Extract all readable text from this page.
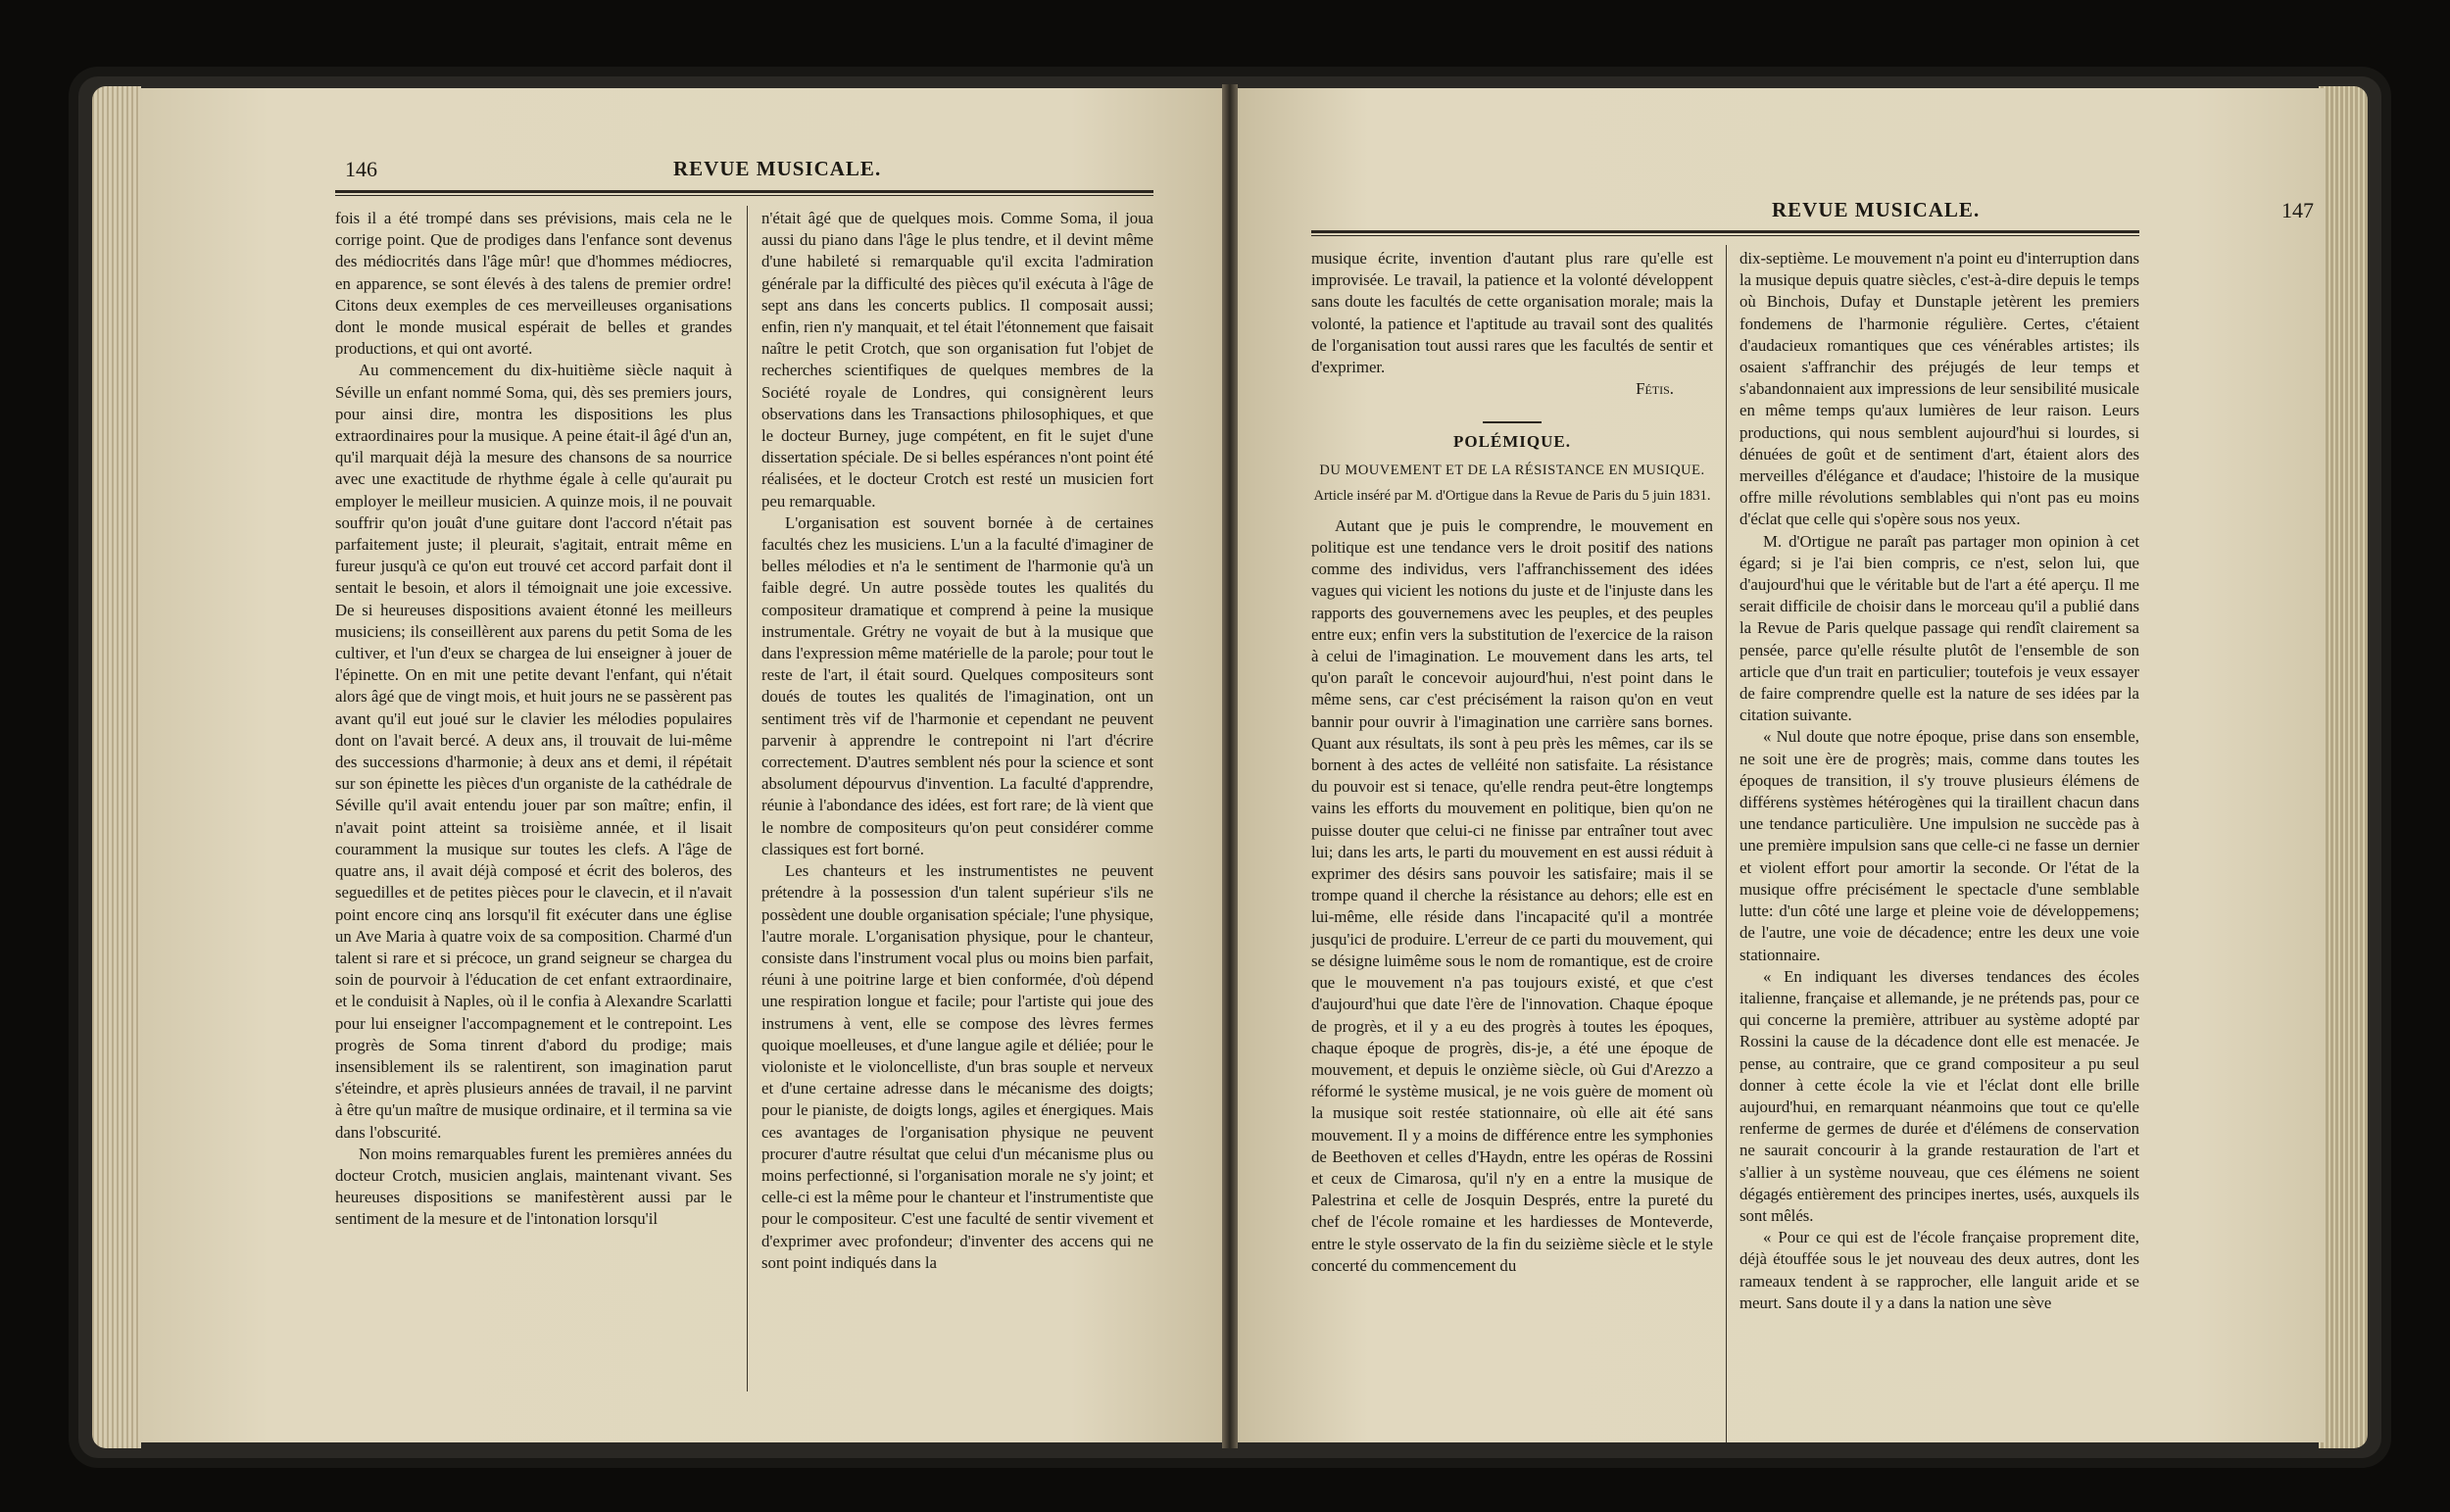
146	REVUE MUSICALE.

fois il a été trompé dans ses prévisions, mais cela ne le corrige point. Que de prodiges dans l'enfance sont devenus des médiocrités dans l'âge mûr! que d'hommes médiocres, en apparence, se sont élevés à des talens de premier ordre! Citons deux exemples de ces merveilleuses organisations dont le monde musical espérait de belles et grandes productions, et qui ont avorté.

Au commencement du dix-huitième siècle naquit à Séville un enfant nommé Soma, qui, dès ses premiers jours, pour ainsi dire, montra les dispositions les plus extraordinaires pour la musique. A peine était-il âgé d'un an, qu'il marquait déjà la mesure des chansons de sa nourrice avec une exactitude de rhythme égale à celle qu'aurait pu employer le meilleur musicien. A quinze mois, il ne pouvait souffrir qu'on jouât d'une guitare dont l'accord n'était pas parfaitement juste; il pleurait, s'agitait, entrait même en fureur jusqu'à ce qu'on eut trouvé cet accord parfait dont il sentait le besoin, et alors il témoignait une joie excessive. De si heureuses dispositions avaient étonné les meilleurs musiciens; ils conseillèrent aux parens du petit Soma de les cultiver, et l'un d'eux se chargea de lui enseigner à jouer de l'épinette. On en mit une petite devant l'enfant, qui n'était alors âgé que de vingt mois, et huit jours ne se passèrent pas avant qu'il eut joué sur le clavier les mélodies populaires dont on l'avait bercé. A deux ans, il trouvait de lui-même des successions d'harmonie; à deux ans et demi, il répétait sur son épinette les pièces d'un organiste de la cathédrale de Séville qu'il avait entendu jouer par son maître; enfin, il n'avait point atteint sa troisième année, et il lisait couramment la musique sur toutes les clefs. A l'âge de quatre ans, il avait déjà composé et écrit des boleros, des seguedilles et de petites pièces pour le clavecin, et il n'avait point encore cinq ans lorsqu'il fit exécuter dans une église un Ave Maria à quatre voix de sa composition. Charmé d'un talent si rare et si précoce, un grand seigneur se chargea du soin de pourvoir à l'éducation de cet enfant extraordinaire, et le conduisit à Naples, où il le confia à Alexandre Scarlatti pour lui enseigner l'accompagnement et le contrepoint. Les progrès de Soma tinrent d'abord du prodige; mais insensiblement ils se ralentirent, son imagination parut s'éteindre, et après plusieurs années de travail, il ne parvint à être qu'un maître de musique ordinaire, et il termina sa vie dans l'obscurité.

Non moins remarquables furent les premières années du docteur Crotch, musicien anglais, maintenant vivant. Ses heureuses dispositions se manifestèrent aussi par le sentiment de la mesure et de l'intonation lorsqu'il

n'était âgé que de quelques mois. Comme Soma, il joua aussi du piano dans l'âge le plus tendre, et il devint même d'une habileté si remarquable qu'il excita l'admiration générale par la difficulté des pièces qu'il exécuta à l'âge de sept ans dans les concerts publics. Il composait aussi; enfin, rien n'y manquait, et tel était l'étonnement que faisait naître le petit Crotch, que son organisation fut l'objet de recherches scientifiques de quelques membres de la Société royale de Londres, qui consignèrent leurs observations dans les Transactions philosophiques, et que le docteur Burney, juge compétent, en fit le sujet d'une dissertation spéciale. De si belles espérances n'ont point été réalisées, et le docteur Crotch est resté un musicien fort peu remarquable.

L'organisation est souvent bornée à de certaines facultés chez les musiciens. L'un a la faculté d'imaginer de belles mélodies et n'a le sentiment de l'harmonie qu'à un faible degré. Un autre possède toutes les qualités du compositeur dramatique et comprend à peine la musique instrumentale. Grétry ne voyait de but à la musique que dans l'expression même matérielle de la parole; pour tout le reste de l'art, il était sourd. Quelques compositeurs sont doués de toutes les qualités de l'imagination, ont un sentiment très vif de l'harmonie et cependant ne peuvent parvenir à apprendre le contrepoint ni l'art d'écrire correctement. D'autres semblent nés pour la science et sont absolument dépourvus d'invention. La faculté d'apprendre, réunie à l'abondance des idées, est fort rare; de là vient que le nombre de compositeurs qu'on peut considérer comme classiques est fort borné.

Les chanteurs et les instrumentistes ne peuvent prétendre à la possession d'un talent supérieur s'ils ne possèdent une double organisation spéciale; l'une physique, l'autre morale. L'organisation physique, pour le chanteur, consiste dans l'instrument vocal plus ou moins bien parfait, réuni à une poitrine large et bien conformée, d'où dépend une respiration longue et facile; pour l'artiste qui joue des instrumens à vent, elle se compose des lèvres fermes quoique moelleuses, et d'une langue agile et déliée; pour le violoniste et le violoncelliste, d'un bras souple et nerveux et d'une certaine adresse dans le mécanisme des doigts; pour le pianiste, de doigts longs, agiles et énergiques. Mais ces avantages de l'organisation physique ne peuvent procurer d'autre résultat que celui d'un mécanisme plus ou moins perfectionné, si l'organisation morale ne s'y joint; et celle-ci est la même pour le chanteur et l'instrumentiste que pour le compositeur. C'est une faculté de sentir vivement et d'exprimer avec profondeur; d'inventer des accens qui ne sont point indiqués dans la

REVUE MUSICALE.	147

musique écrite, invention d'autant plus rare qu'elle est improvisée. Le travail, la patience et la volonté développent sans doute les facultés de cette organisation morale; mais la volonté, la patience et l'aptitude au travail sont des qualités de l'organisation tout aussi rares que les facultés de sentir et d'exprimer.

Fétis.

POLÉMIQUE.

DU MOUVEMENT ET DE LA RÉSISTANCE EN MUSIQUE.

Article inséré par M. d'Ortigue dans la Revue de Paris du 5 juin 1831.

Autant que je puis le comprendre, le mouvement en politique est une tendance vers le droit positif des nations comme des individus, vers l'affranchissement des idées vagues qui vicient les notions du juste et de l'injuste dans les rapports des gouvernemens avec les peuples, et des peuples entre eux; enfin vers la substitution de l'exercice de la raison à celui de l'imagination. Le mouvement dans les arts, tel qu'on paraît le concevoir aujourd'hui, n'est point dans le même sens, car c'est précisément la raison qu'on en veut bannir pour ouvrir à l'imagination une carrière sans bornes. Quant aux résultats, ils sont à peu près les mêmes, car ils se bornent à des actes de velléité non satisfaite. La résistance du pouvoir est si tenace, qu'elle rendra peut-être longtemps vains les efforts du mouvement en politique, bien qu'on ne puisse douter que celui-ci ne finisse par entraîner tout avec lui; dans les arts, le parti du mouvement en est aussi réduit à exprimer des désirs sans pouvoir les satisfaire; mais il se trompe quand il cherche la résistance au dehors; elle est en lui-même, elle réside dans l'incapacité qu'il a montrée jusqu'ici de produire. L'erreur de ce parti du mouvement, qui se désigne luimême sous le nom de romantique, est de croire que le mouvement n'a pas toujours existé, et que c'est d'aujourd'hui que date l'ère de l'innovation. Chaque époque de progrès, et il y a eu des progrès à toutes les époques, chaque époque de progrès, dis-je, a été une époque de mouvement, et depuis le onzième siècle, où Gui d'Arezzo a réformé le système musical, je ne vois guère de moment où la musique soit restée stationnaire, où elle ait été sans mouvement. Il y a moins de différence entre les symphonies de Beethoven et celles d'Haydn, entre les opéras de Rossini et ceux de Cimarosa, qu'il n'y en a entre la musique de Palestrina et celle de Josquin Després, entre la pureté du chef de l'école romaine et les hardiesses de Monteverde, entre le style osservato de la fin du seizième siècle et le style concerté du commencement du

dix-septième. Le mouvement n'a point eu d'interruption dans la musique depuis quatre siècles, c'est-à-dire depuis le temps où Binchois, Dufay et Dunstaple jetèrent les premiers fondemens de l'harmonie régulière. Certes, c'étaient d'audacieux romantiques que ces vénérables artistes; ils osaient s'affranchir des préjugés de leur temps et s'abandonnaient aux impressions de leur sensibilité musicale en même temps qu'aux lumières de leur raison. Leurs productions, qui nous semblent aujourd'hui si lourdes, si dénuées de goût et de sentiment d'art, étaient alors des merveilles d'élégance et d'audace; l'histoire de la musique offre mille révolutions semblables qui n'ont pas eu moins d'éclat que celle qui s'opère sous nos yeux.

M. d'Ortigue ne paraît pas partager mon opinion à cet égard; si je l'ai bien compris, ce n'est, selon lui, que d'aujourd'hui que le véritable but de l'art a été aperçu. Il me serait difficile de choisir dans le morceau qu'il a publié dans la Revue de Paris quelque passage qui rendît clairement sa pensée, parce qu'elle résulte plutôt de l'ensemble de son article que d'un trait en particulier; toutefois je veux essayer de faire comprendre quelle est la nature de ses idées par la citation suivante.

« Nul doute que notre époque, prise dans son ensemble, ne soit une ère de progrès; mais, comme dans toutes les époques de transition, il s'y trouve plusieurs élémens de différens systèmes hétérogènes qui la tiraillent chacun dans une tendance particulière. Une impulsion ne succède pas à une première impulsion sans que celle-ci ne fasse un dernier et violent effort pour amortir la seconde. Or l'état de la musique offre précisément le spectacle d'une semblable lutte: d'un côté une large et pleine voie de développemens; de l'autre, une voie de décadence; entre les deux une voie stationnaire.

« En indiquant les diverses tendances des écoles italienne, française et allemande, je ne prétends pas, pour ce qui concerne la première, attribuer au système adopté par Rossini la cause de la décadence dont elle est menacée. Je pense, au contraire, que ce grand compositeur a pu seul donner à cette école la vie et l'éclat dont elle brille aujourd'hui, en remarquant néanmoins que tout ce qu'elle renferme de germes de durée et d'élémens de conservation ne saurait concourir à la grande restauration de l'art et s'allier à un système nouveau, que ces élémens ne soient dégagés entièrement des principes inertes, usés, auxquels ils sont mêlés.

« Pour ce qui est de l'école française proprement dite, déjà étouffée sous le jet nouveau des deux autres, dont les rameaux tendent à se rapprocher, elle languit aride et se meurt. Sans doute il y a dans la nation une sève
